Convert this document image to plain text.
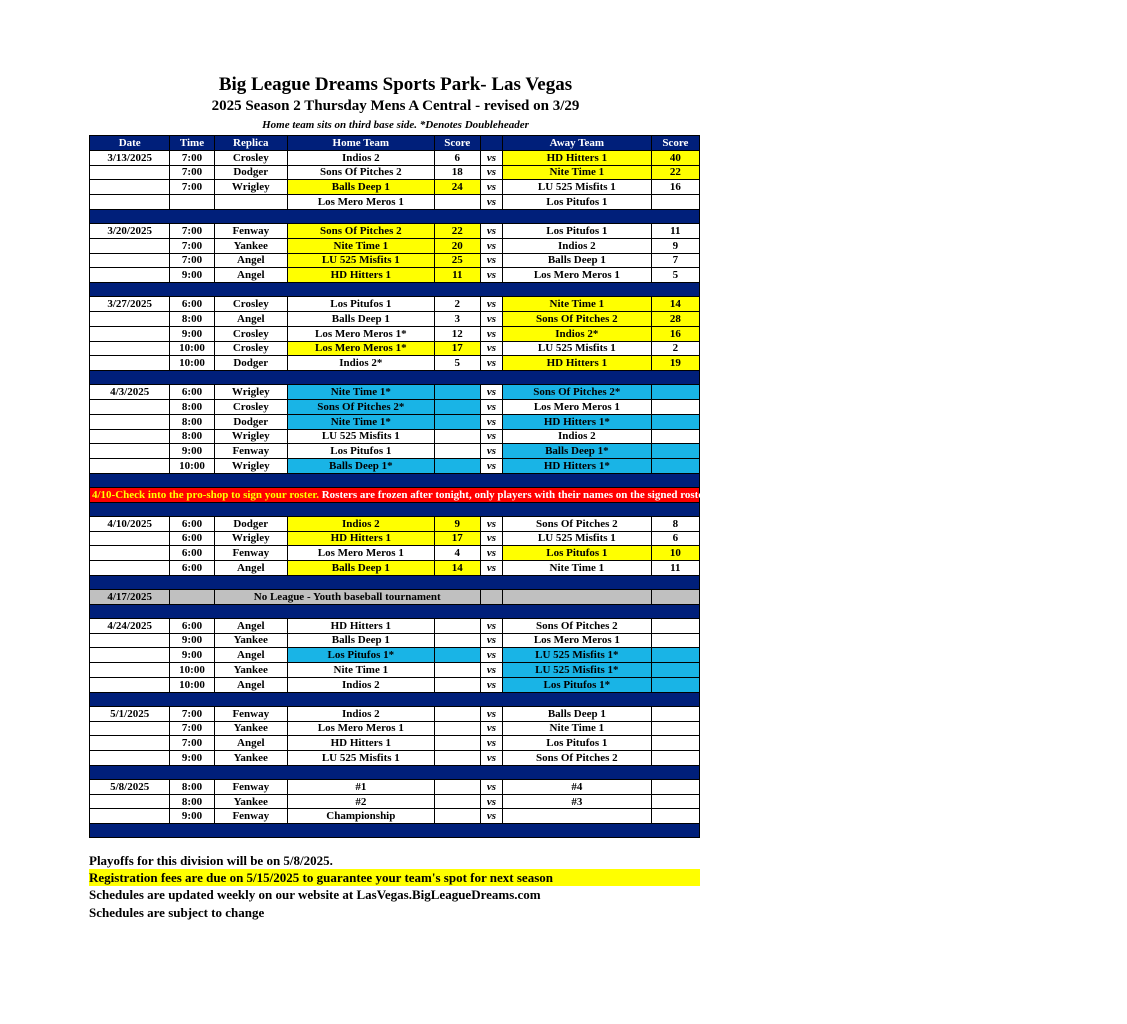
Big League Dreams Sports Park- Las Vegas
2025 Season 2 Thursday Mens A Central - revised on 3/29
Home team sits on third base side. *Denotes Doubleheader
Date	Time	Replica	Home Team	Score		Away Team	Score
3/13/2025	7:00	Crosley	Indios 2	6	vs	HD Hitters 1	40
	7:00	Dodger	Sons Of Pitches 2	18	vs	Nite Time 1	22
	7:00	Wrigley	Balls Deep 1	24	vs	LU 525 Misfits 1	16
			Los Mero Meros 1		vs	Los Pitufos 1	

3/20/2025	7:00	Fenway	Sons Of Pitches 2	22	vs	Los Pitufos 1	11
	7:00	Yankee	Nite Time 1	20	vs	Indios 2	9
	7:00	Angel	LU 525 Misfits 1	25	vs	Balls Deep 1	7
	9:00	Angel	HD Hitters 1	11	vs	Los Mero Meros 1	5

3/27/2025	6:00	Crosley	Los Pitufos 1	2	vs	Nite Time 1	14
	8:00	Angel	Balls Deep 1	3	vs	Sons Of Pitches 2	28
	9:00	Crosley	Los Mero Meros 1*	12	vs	Indios 2*	16
	10:00	Crosley	Los Mero Meros 1*	17	vs	LU 525 Misfits 1	2
	10:00	Dodger	Indios 2*	5	vs	HD Hitters 1	19

4/3/2025	6:00	Wrigley	Nite Time 1*		vs	Sons Of Pitches 2*	
	8:00	Crosley	Sons Of Pitches 2*		vs	Los Mero Meros 1	
	8:00	Dodger	Nite Time 1*		vs	HD Hitters 1*	
	8:00	Wrigley	LU 525 Misfits 1		vs	Indios 2	
	9:00	Fenway	Los Pitufos 1		vs	Balls Deep 1*	
	10:00	Wrigley	Balls Deep 1*		vs	HD Hitters 1*	

4/10-Check into the pro-shop to sign your roster. Rosters are frozen after tonight, only players with their names on the signed roster are eligible for playoffs. Please check carefully as changes will not be made for omissions.							

4/10/2025	6:00	Dodger	Indios 2	9	vs	Sons Of Pitches 2	8
	6:00	Wrigley	HD Hitters 1	17	vs	LU 525 Misfits 1	6
	6:00	Fenway	Los Mero Meros 1	4	vs	Los Pitufos 1	10
	6:00	Angel	Balls Deep 1	14	vs	Nite Time 1	11

4/17/2025		No League - Youth baseball tournament					

4/24/2025	6:00	Angel	HD Hitters 1		vs	Sons Of Pitches 2	
	9:00	Yankee	Balls Deep 1		vs	Los Mero Meros 1	
	9:00	Angel	Los Pitufos 1*		vs	LU 525 Misfits 1*	
	10:00	Yankee	Nite Time 1		vs	LU 525 Misfits 1*	
	10:00	Angel	Indios 2		vs	Los Pitufos 1*	

5/1/2025	7:00	Fenway	Indios 2		vs	Balls Deep 1	
	7:00	Yankee	Los Mero Meros 1		vs	Nite Time 1	
	7:00	Angel	HD Hitters 1		vs	Los Pitufos 1	
	9:00	Yankee	LU 525 Misfits 1		vs	Sons Of Pitches 2	

5/8/2025	8:00	Fenway	#1		vs	#4	
	8:00	Yankee	#2		vs	#3	
	9:00	Fenway	Championship		vs		

Playoffs for this division will be on 5/8/2025.
Registration fees are due on 5/15/2025 to guarantee your team's spot for next season
Schedules are updated weekly on our website at LasVegas.BigLeagueDreams.com
Schedules are subject to change
